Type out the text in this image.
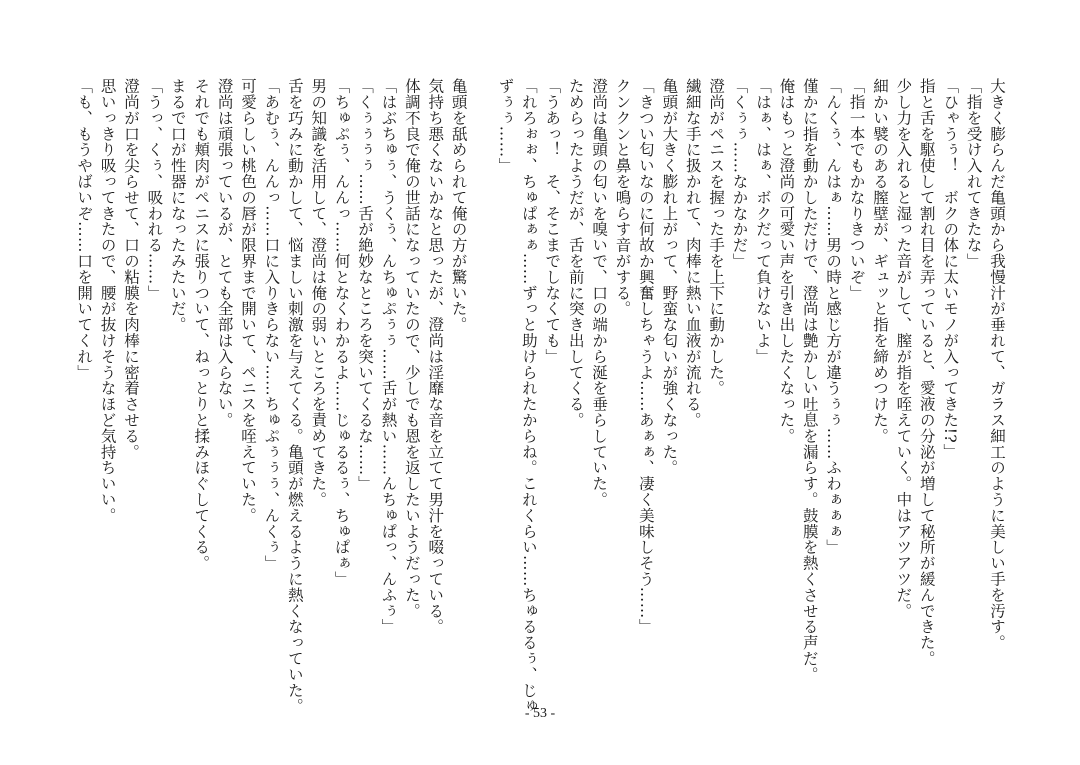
大きく膨らんだ亀頭から我慢汁が垂れて、ガラス細工のように美しい手を汚す。
「指を受け入れてきたな」
「ひゃうぅ！　ボクの体に太いモノが入ってきた!?」
指と舌を駆使して割れ目を弄っていると、愛液の分泌が増して秘所が緩んできた。
少し力を入れると湿った音がして、膣が指を咥えていく。中はアツアツだ。
細かい襞のある膣壁が、ギュッと指を締めつけた。
「指一本でもかなりきついぞ」
「んくぅ、んはぁ……男の時と感じ方が違うぅぅ……ふわぁぁぁ」
僅かに指を動かしただけで、澄尚は艶かしい吐息を漏らす。鼓膜を熱くさせる声だ。
俺はもっと澄尚の可愛い声を引き出したくなった。
「はぁ、はぁ、ボクだって負けないよ」
「くぅぅ……なかなかだ」
澄尚がペニスを握った手を上下に動かした。
繊細な手に扱かれて、肉棒に熱い血液が流れる。
亀頭が大きく膨れ上がって、野蛮な匂いが強くなった。
「きつい匂いなのに何故か興奮しちゃうよ……あぁぁ、凄く美味しそう……」
クンクンと鼻を鳴らす音がする。
澄尚は亀頭の匂いを嗅いで、口の端から涎を垂らしていた。
ためらったようだが、舌を前に突き出してくる。
「うあっ！　そ、そこまでしなくても」
「れろぉぉ、ちゅぱぁぁ……ずっと助けられたからね。これくらい……ちゅるるぅ、じゅ
ずぅぅ……」
亀頭を舐められて俺の方が驚いた。
気持ち悪くないかなと思ったが、澄尚は淫靡な音を立てて男汁を啜っている。
体調不良で俺の世話になっていたので、少しでも恩を返したいようだった。
「はぶちゅぅ、うくぅ、んちゅぷぅぅ……舌が熱い……んちゅぱっ、んふぅ」
「くぅぅぅぅ……舌が絶妙なところを突いてくるな……」
「ちゅぷぅ、んんっ……何となくわかるよ……じゅるるぅ、ちゅぱぁ」
男の知識を活用して、澄尚は俺の弱いところを責めてきた。
舌を巧みに動かして、悩ましい刺激を与えてくる。亀頭が燃えるように熱くなっていた。
「あむぅ、んんっ……口に入りきらない……ちゅぷぅぅぅ、んくぅ」
可愛らしい桃色の唇が限界まで開いて、ペニスを咥えていた。
澄尚は頑張っているが、とても全部は入らない。
それでも頬肉がペニスに張りついて、ねっとりと揉みほぐしてくる。
まるで口が性器になったみたいだ。
「うっ、くぅ、吸われる……」
澄尚が口を尖らせて、口の粘膜を肉棒に密着させる。
思いっきり吸ってきたので、腰が抜けそうなほど気持ちいい。
「も、もうやばいぞ……口を開いてくれ」
- 53 -
